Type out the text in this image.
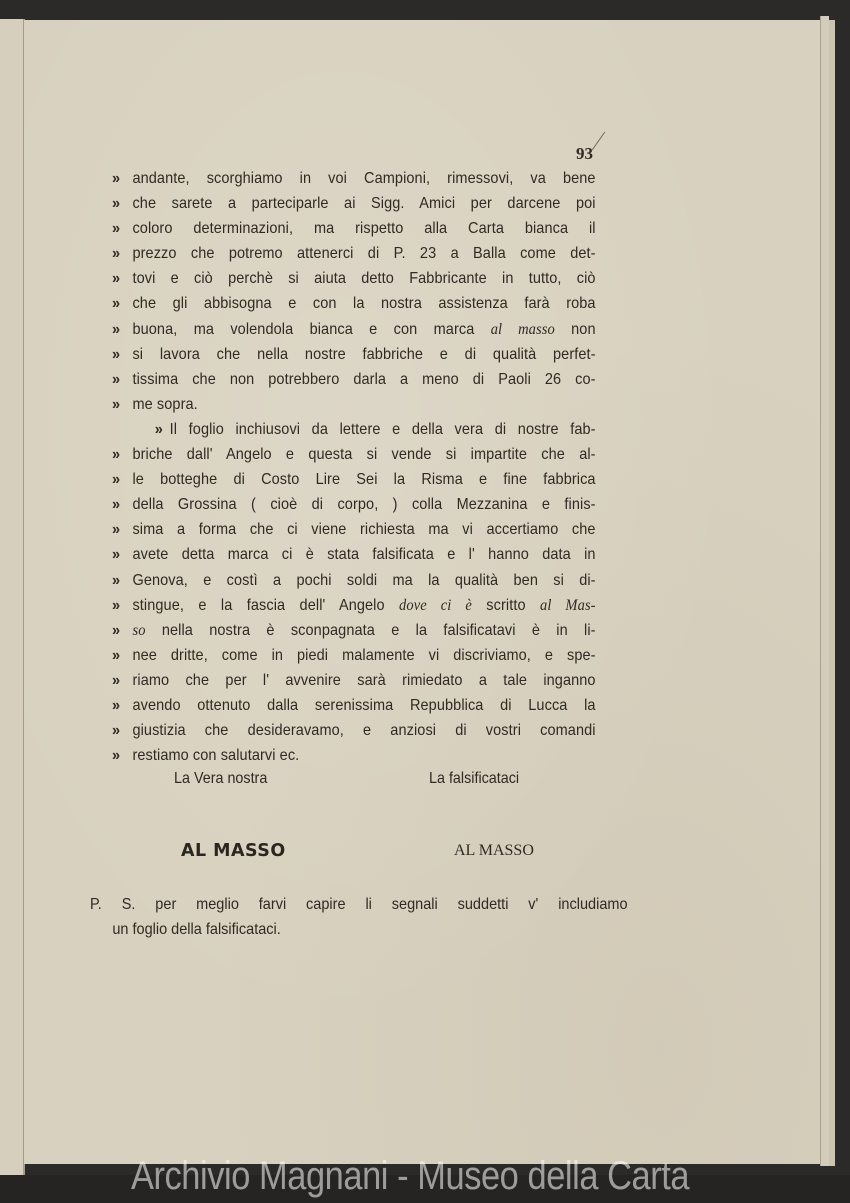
93
» andante, scorghiamo in voi Campioni, rimessovi, va bene
» che sarete a parteciparle ai Sigg. Amici per darcene poi
» coloro determinazioni, ma rispetto alla Carta bianca il
» prezzo che potremo attenerci di P. 23 a Balla come det-
» tovi e ciò perchè si aiuta detto Fabbricante in tutto, ciò
» che gli abbisogna e con la nostra assistenza farà roba
» buona, ma volendola bianca e con marca al masso non
» si lavora che nella nostre fabbriche e di qualità perfet-
» tissima che non potrebbero darla a meno di Paoli 26 co-
» me sopra.
» Il foglio inchiusovi da lettere e della vera di nostre fab-
» briche dall' Angelo e questa si vende si impartite che al-
» le botteghe di Costo Lire Sei la Risma e fine fabbrica
» della Grossina ( cioè di corpo, ) colla Mezzanina e finis-
» sima a forma che ci viene richiesta ma vi accertiamo che
» avete detta marca ci è stata falsificata e l' hanno data in
» Genova, e costì a pochi soldi ma la qualità ben si di-
» stingue, e la fascia dell' Angelo dove ci è scritto al Mas-
» so nella nostra è sconpagnata e la falsificatavi è in li-
» nee dritte, come in piedi malamente vi discriviamo, e spe-
» riamo che per l' avvenire sarà rimiedato a tale inganno
» avendo ottenuto dalla serenissima Repubblica di Lucca la
» giustizia che desideravamo, e anziosi di vostri comandi
» restiamo con salutarvi ec.
La Vera nostra	La falsificataci
AL MASSO	AL MASSO
P. S. per meglio farvi capire li segnali suddetti v' includiamo
un foglio della falsificataci.
Archivio Magnani - Museo della Carta
